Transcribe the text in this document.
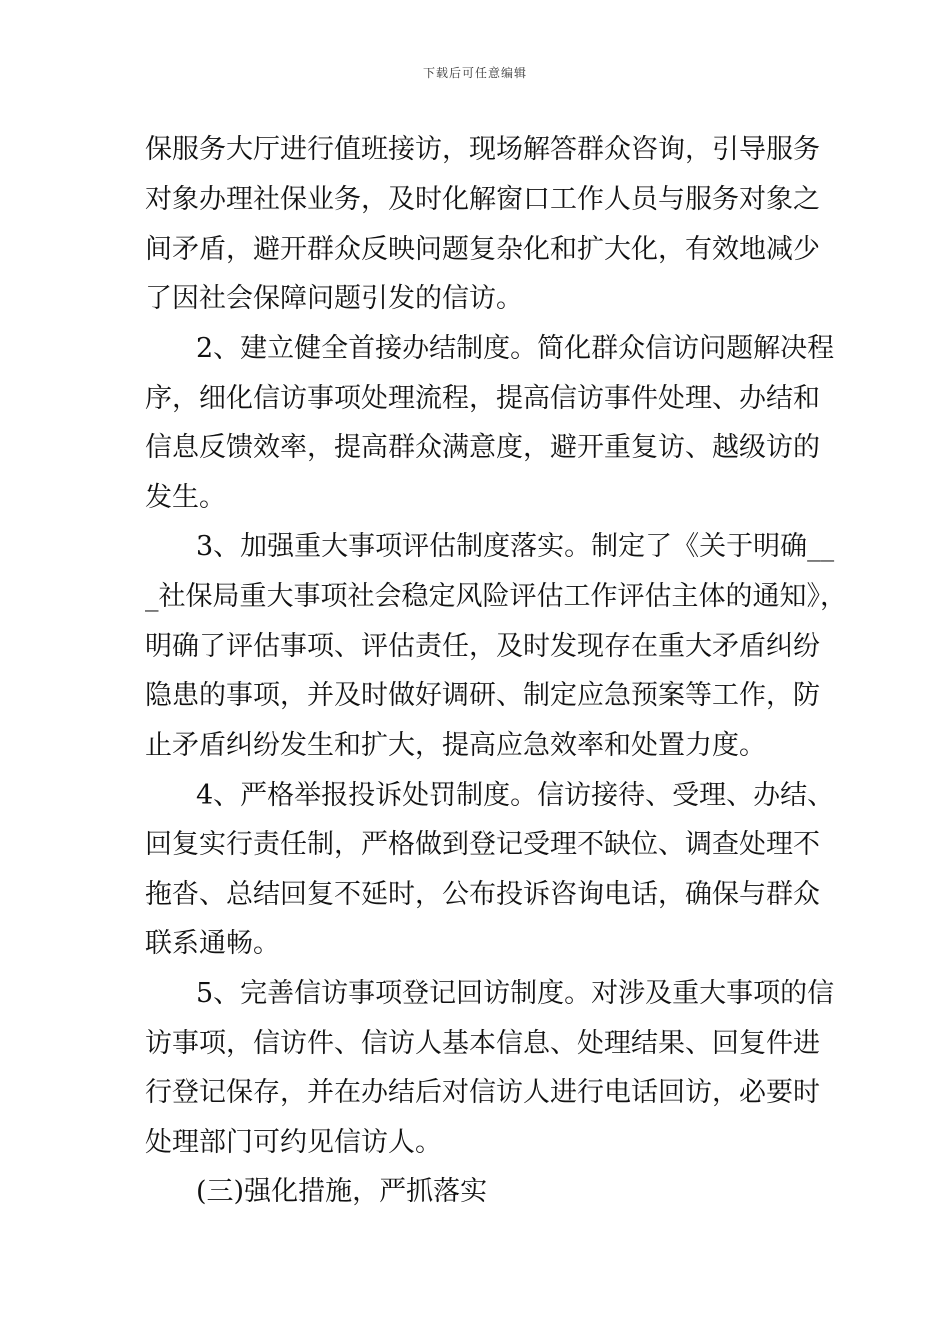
下载后可任意编辑

保服务大厅进行值班接访，现场解答群众咨询，引导服务

对象办理社保业务，及时化解窗口工作人员与服务对象之

间矛盾，避开群众反映问题复杂化和扩大化，有效地减少

了因社会保障问题引发的信访。

2、建立健全首接办结制度。简化群众信访问题解决程

序，细化信访事项处理流程，提高信访事件处理、办结和

信息反馈效率，提高群众满意度，避开重复访、越级访的

发生。

3、加强重大事项评估制度落实。制定了《关于明确__

_社保局重大事项社会稳定风险评估工作评估主体的通知》，

明确了评估事项、评估责任，及时发现存在重大矛盾纠纷

隐患的事项，并及时做好调研、制定应急预案等工作，防

止矛盾纠纷发生和扩大，提高应急效率和处置力度。

4、严格举报投诉处罚制度。信访接待、受理、办结、

回复实行责任制，严格做到登记受理不缺位、调查处理不

拖沓、总结回复不延时，公布投诉咨询电话，确保与群众

联系通畅。

5、完善信访事项登记回访制度。对涉及重大事项的信

访事项，信访件、信访人基本信息、处理结果、回复件进

行登记保存，并在办结后对信访人进行电话回访，必要时

处理部门可约见信访人。

(三)强化措施，严抓落实
